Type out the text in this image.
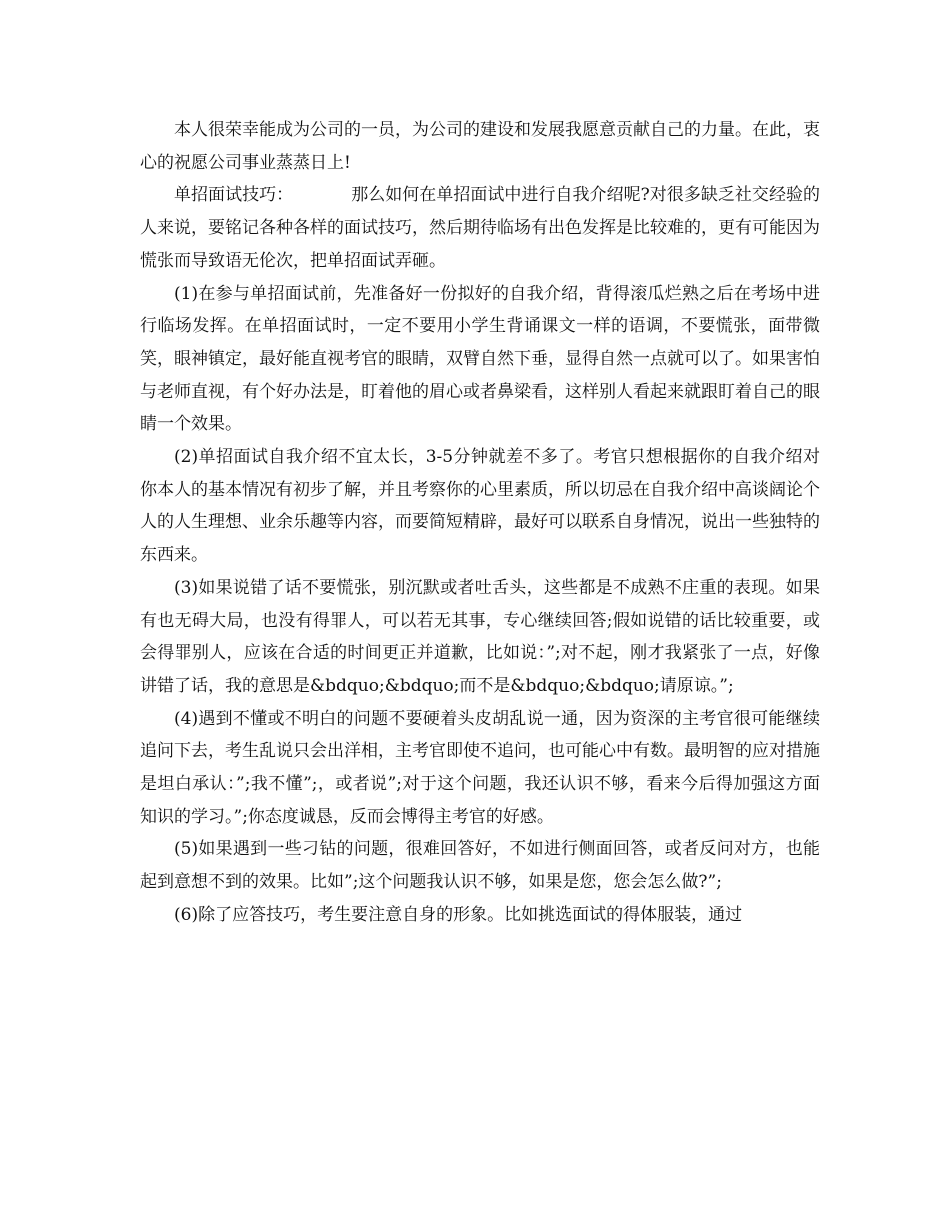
本人很荣幸能成为公司的一员，为公司的建设和发展我愿意贡献自己的力量。在此，衷心的祝愿公司事业蒸蒸日上!

单招面试技巧：	那么如何在单招面试中进行自我介绍呢?对很多缺乏社交经验的人来说，要铭记各种各样的面试技巧，然后期待临场有出色发挥是比较难的，更有可能因为慌张而导致语无伦次，把单招面试弄砸。

(1)在参与单招面试前，先准备好一份拟好的自我介绍，背得滚瓜烂熟之后在考场中进行临场发挥。在单招面试时，一定不要用小学生背诵课文一样的语调，不要慌张，面带微笑，眼神镇定，最好能直视考官的眼睛，双臂自然下垂，显得自然一点就可以了。如果害怕与老师直视，有个好办法是，盯着他的眉心或者鼻梁看，这样别人看起来就跟盯着自己的眼睛一个效果。

(2)单招面试自我介绍不宜太长，3-5分钟就差不多了。考官只想根据你的自我介绍对你本人的基本情况有初步了解，并且考察你的心里素质，所以切忌在自我介绍中高谈阔论个人的人生理想、业余乐趣等内容，而要简短精辟，最好可以联系自身情况，说出一些独特的东西来。

(3)如果说错了话不要慌张，别沉默或者吐舌头，这些都是不成熟不庄重的表现。如果有也无碍大局，也没有得罪人，可以若无其事，专心继续回答;假如说错的话比较重要，或会得罪别人，应该在合适的时间更正并道歉，比如说：”;对不起，刚才我紧张了一点，好像讲错了话，我的意思是&bdquo;&bdquo;而不是&bdquo;&bdquo;请原谅。”;

(4)遇到不懂或不明白的问题不要硬着头皮胡乱说一通，因为资深的主考官很可能继续追问下去，考生乱说只会出洋相，主考官即使不追问，也可能心中有数。最明智的应对措施是坦白承认：”;我不懂”;，或者说”;对于这个问题，我还认识不够，看来今后得加强这方面知识的学习。”;你态度诚恳，反而会博得主考官的好感。

(5)如果遇到一些刁钻的问题，很难回答好，不如进行侧面回答，或者反问对方，也能起到意想不到的效果。比如”;这个问题我认识不够，如果是您，您会怎么做?”;

(6)除了应答技巧，考生要注意自身的形象。比如挑选面试的得体服装，通过
